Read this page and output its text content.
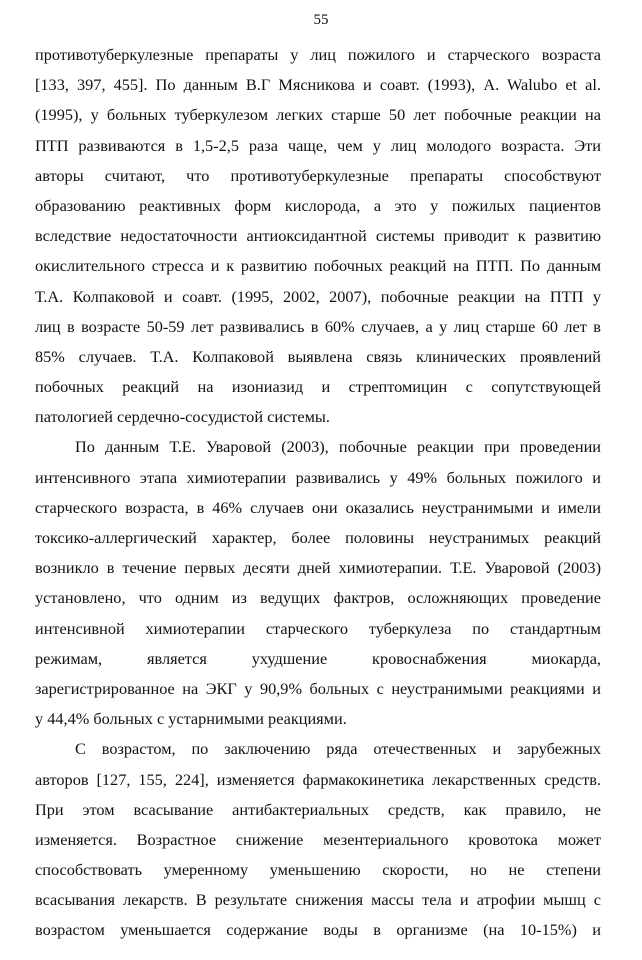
55
противотуберкулезные препараты у лиц пожилого и старческого возраста
[133, 397, 455]. По данным В.Г Мясникова и соавт. (1993), A. Walubo et al.
(1995), у больных туберкулезом легких старше 50 лет побочные реакции на
ПТП развиваются в 1,5-2,5 раза чаще, чем у лиц молодого возраста. Эти
авторы считают, что противотуберкулезные препараты способствуют
образованию реактивных форм кислорода, а это у пожилых пациентов
вследствие недостаточности антиоксидантной системы приводит к развитию
окислительного стресса и к развитию побочных реакций на ПТП. По данным
Т.А. Колпаковой и соавт. (1995, 2002, 2007), побочные реакции на ПТП у
лиц в возрасте 50-59 лет развивались в 60% случаев, а у лиц старше 60 лет в
85% случаев. Т.А. Колпаковой выявлена связь клинических проявлений
побочных реакций на изониазид и стрептомицин с сопутствующей
патологией сердечно-сосудистой системы.
По данным Т.Е. Уваровой (2003), побочные реакции при проведении
интенсивного этапа химиотерапии развивались у 49% больных пожилого и
старческого возраста, в 46% случаев они оказались неустранимыми и имели
токсико-аллергический характер, более половины неустранимых реакций
возникло в течение первых десяти дней химиотерапии. Т.Е. Уваровой (2003)
установлено, что одним из ведущих фактров, осложняющих проведение
интенсивной химиотерапии старческого туберкулеза по стандартным
режимам, является ухудшение кровоснабжения миокарда,
зарегистрированное на ЭКГ у 90,9% больных с неустранимыми реакциями и
у 44,4% больных с устарнимыми реакциями.
С возрастом, по заключению ряда отечественных и зарубежных
авторов [127, 155, 224], изменяется фармакокинетика лекарственных средств.
При этом всасывание антибактериальных средств, как правило, не
изменяется. Возрастное снижение мезентериального кровотока может
способствовать умеренному уменьшению скорости, но не степени
всасывания лекарств. В результате снижения массы тела и атрофии мышц с
возрастом уменьшается содержание воды в организме (на 10-15%) и
